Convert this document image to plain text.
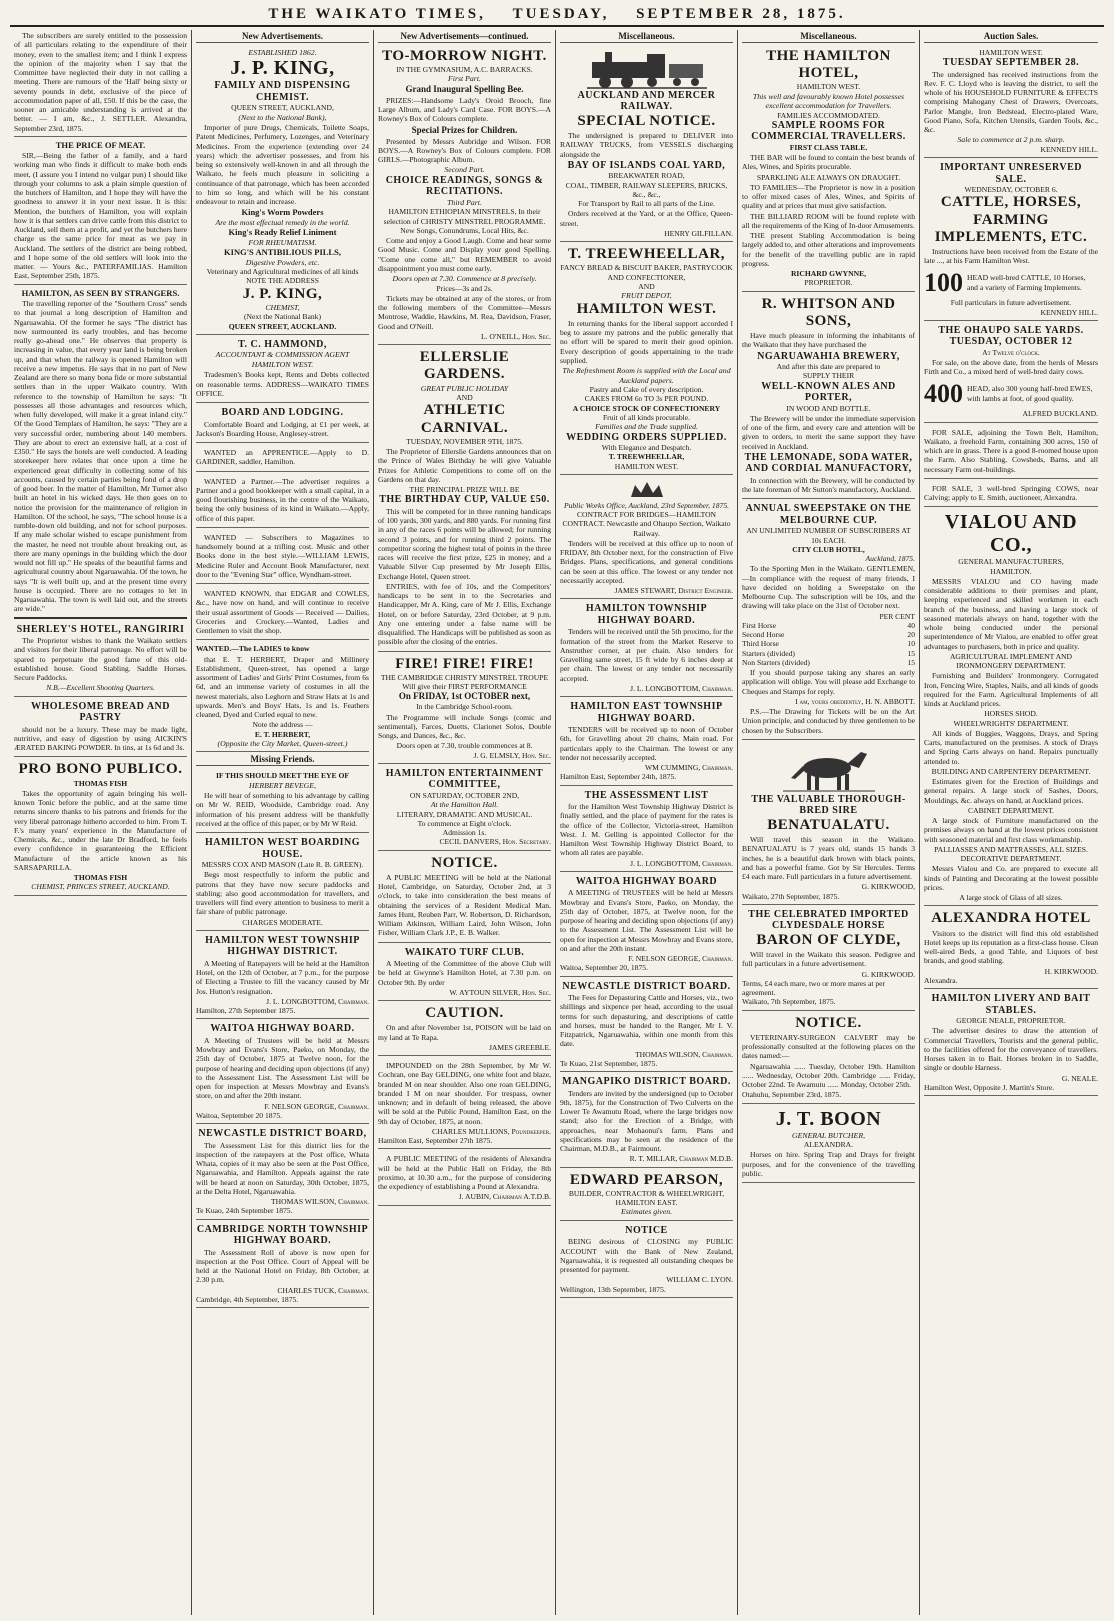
THE WAIKATO TIMES, TUESDAY, SEPTEMBER 28, 1875.

The subscribers are surely entitled to the possession of all particulars relating to the expenditure of their money, even to the smallest item; and I think I express the opinion of the majority when I say that the Committee have neglected their duty in not calling a meeting. There are rumours of the 'Hall' being sixty or seventy pounds in debt, exclusive of the piece of accommodation paper of all, £50. If this be the case, the sooner an amicable understanding is arrived at the better. — I am, &c., J. SETTLER. Alexandra, September 23rd, 1875.

THE PRICE OF MEAT.

SIR,—Being the father of a family, and a hard working man who finds it difficult to make both ends meet, (I assure you I intend no vulgar pun) I should like through your columns to ask a plain simple question of the butchers of Hamilton, and I hope they will have the goodness to answer it in your next issue. It is this: Mention, the butchers of Hamilton, you will explain how it is that settlers can drive cattle from this district to Auckland, sell them at a profit, and yet the butchers here charge us the same price for meat as we pay in Auckland. The settlers of the district are being robbed, and I hope some of the old settlers will look into the matter. — Yours &c., PATERFAMILIAS. Hamilton East, September 25th, 1875.

HAMILTON, AS SEEN BY STRANGERS.

The travelling reporter of the "Southern Cross" sends to that journal a long description of Hamilton and Ngaruawahia. Of the former he says "The district has now surmounted its early troubles, and has become really go-ahead one." He observes that property is increasing in value, that every year land is being broken up, and that when the railway is opened Hamilton will receive a new impetus. He says that in no part of New Zealand are there so many bona fide or more substantial settlers than in the upper Waikato country. With reference to the township of Hamilton he says: "It possesses all those advantages and resources which, when fully developed, will make it a great inland city." Of the Good Templars of Hamilton, he says: "They are a very successful order, numbering about 140 members. They are about to erect an extensive hall, at a cost of £350." He says the hotels are well conducted. A leading storekeeper here relates that once upon a time he experienced great difficulty in collecting some of his accounts, caused by certain parties being fond of a drop of good beer. In the matter of Hamilton, Mr Turner also built an hotel in his wicked days. He then goes on to notice the provision for the maintenance of religion in Hamilton. Of the school, he says, "The school house is a tumble-down old building, and not for school purposes. If any male scholar wished to escape punishment from the master, he need not trouble about breaking out, as there are many openings in the building which the door would not fill up." He speaks of the beautiful farms and agricultural country about Ngaruawahia. Of the town, he says "It is well built up, and at the present time every house is occupied. There are no cottages to let in Ngaruawahia. The town is well laid out, and the streets are wide."

SHERLEY'S HOTEL, RANGIRIRI

The Proprietor wishes to thank the Waikato settlers and visitors for their liberal patronage. No effort will be spared to perpetuate the good fame of this old-established house. Good Stabling. Saddle Horses. Secure Paddocks.

N.B.—Excellent Shooting Quarters.
WHOLESOME BREAD AND PASTRY

should not be a luxury. These may be made light, nutritive, and easy of digestion by using AICKIN'S ÆRATED BAKING POWDER. In tins, at 1s 6d and 3s.

PRO BONO PUBLICO.
THOMAS FISH

Takes the opportunity of again bringing his well-known Tonic before the public, and at the same time returns sincere thanks to his patrons and friends for the very liberal patronage hitherto accorded to him. From T. F.'s many years' experience in the Manufacture of Chemicals, &c., under the late Dr Bradford, he feels every confidence in guaranteeing the Efficient Manufacture of the article known as his SARSAPARILLA.

THOMAS FISH
CHEMIST, PRINCES STREET, AUCKLAND.
New Advertisements.
ESTABLISHED 1862.
J. P. KING,
FAMILY AND DISPENSING CHEMIST.
QUEEN STREET, AUCKLAND,
(Next to the National Bank),

Importer of pure Drugs, Chemicals, Toilette Soaps, Patent Medicines, Perfumery, Lozenges, and Veterinary Medicines. From the experience (extending over 24 years) which the advertiser possesses, and from his being so extensively well-known in and all through the Waikato, he feels much pleasure in soliciting a continuance of that patronage, which has been accorded to him so long, and which will be his constant endeavour to retain and increase.

King's Worm Powders
Are the most effectual remedy in the world.
King's Ready Relief Liniment
FOR RHEUMATISM.
KING'S ANTIBILIOUS PILLS,
Digestive Powders, etc.
Veterinary and Agricultural medicines of all kinds
NOTE THE ADDRESS
J. P. KING,
CHEMIST,
(Next the National Bank)
QUEEN STREET, AUCKLAND.
T. C. HAMMOND,
ACCOUNTANT & COMMISSION AGENT HAMILTON WEST.

Tradesmen's Books kept, Rents and Debts collected on reasonable terms. ADDRESS—WAIKATO TIMES OFFICE.

BOARD AND LODGING.

Comfortable Board and Lodging, at £1 per week, at Jackson's Boarding House, Anglesey-street.

WANTED an APPRENTICE.—Apply to D. GARDINER, saddler, Hamilton.

WANTED a Partner.—The advertiser requires a Partner and a good bookkeeper with a small capital, in a good flourishing business, in the centre of the Waikato, being the only business of its kind in Waikato.—Apply, office of this paper.

WANTED — Subscribers to Magazines to handsomely bound at a trifling cost. Music and other Books done in the best style.—WILLIAM LEWIS, Medicine Ruler and Account Book Manufacturer, next door to the "Evening Star" office, Wyndham-street.

WANTED KNOWN, that EDGAR and COWLES, &c., have now on hand, and will continue to receive their usual assortment of Goods — Received — Dailies, Groceries and Crockery.—Wanted, Ladies and Gentlemen to visit the shop.

WANTED.—The LADIES to know

that E. T. HERBERT, Draper and Millinery Establishment, Queen-street, has opened a large assortment of Ladies' and Girls' Print Costumes, from 6s 6d, and an immense variety of costumes in all the newest materials, also Leghorn and Straw Hats at 1s and upwards. Men's and Boys' Hats, 1s and 1s. Feathers cleaned, Dyed and Curled equal to new.

Note the address —
E. T. HERBERT,
(Opposite the City Market, Queen-street.)
Missing Friends.
IF THIS SHOULD MEET THE EYE OF
HERBERT BEVEGE,

He will hear of something to his advantage by calling on Mr W. REID, Woodside, Cambridge road. Any information of his present address will be thankfully received at the office of this paper, or by Mr W Reid.

HAMILTON WEST BOARDING HOUSE.
MESSRS COX AND MASON (Late R. B. GREEN).

Begs most respectfully to inform the public and patrons that they have now secure paddocks and stabling; also good accommodation for travellers, and travellers will find every attention to business to merit a fair share of public patronage.

CHARGES MODERATE.
HAMILTON WEST TOWNSHIP HIGHWAY DISTRICT.

A Meeting of Ratepayers will be held at the Hamilton Hotel, on the 12th of October, at 7 p.m., for the purpose of Electing a Trustee to fill the vacancy caused by Mr Jos. Hutton's resignation.

J. L. LONGBOTTOM, Chairman.
Hamilton, 27th September 1875.
WAITOA HIGHWAY BOARD.

A Meeting of Trustees will be held at Messrs Mowbray and Evans's Store, Paeko, on Monday, the 25th day of October, 1875 at Twelve noon, for the purpose of hearing and deciding upon objections (if any) to the Assessment List. The Assessment List will be open for inspection at Messrs Mowbray and Evans's store, on and after the 20th instant.

F. NELSON GEORGE, Chairman.
Waitoa, September 20 1875.
NEWCASTLE DISTRICT BOARD,

The Assessment List for this district lies for the inspection of the ratepayers at the Post office, Whata Whata, copies of it may also be seen at the Post Office, Ngaruawahia, and Hamilton. Appeals against the rate will be heard at noon on Saturday, 30th October, 1875, at the Delta Hotel, Ngaruawahia.

THOMAS WILSON, Chairman.
Te Kuao, 24th September 1875.
CAMBRIDGE NORTH TOWNSHIP HIGHWAY BOARD.

The Assessment Roll of above is now open for inspection at the Post Office. Court of Appeal will be held at the National Hotel on Friday, 8th October, at 2.30 p.m.

CHARLES TUCK, Chairman.
Cambridge, 4th September, 1875.
New Advertisements—continued.
TO-MORROW NIGHT.
IN THE GYMNASIUM, A.C. BARRACKS.
First Part.
Grand Inaugural Spelling Bee.

PRIZES:—Handsome Lady's Oroid Brooch, fine Large Album, and Lady's Card Case. FOR BOYS.—A Rowney's Box of Colours complete.

Special Prizes for Children.

Presented by Messrs Aubridge and Wilson. FOR BOYS.—A Rowney's Box of Colours complete. FOR GIRLS.—Photographic Album.

Second Part.
CHOICE READINGS, SONGS & RECITATIONS.
Third Part.
HAMILTON ETHIOPIAN MINSTRELS, In their selection of CHRISTY MINSTREL PROGRAMME. New Songs, Conundrums, Local Hits, &c.

Come and enjoy a Good Laugh. Come and hear some Good Music. Come and Display your good Spelling. "Come one come all," but REMEMBER to avoid disappointment you must come early.

Doors open at 7.30. Commence at 8 precisely.
Prices—3s and 2s.

Tickets may be obtained at any of the stores, or from the following members of the Committee—Messrs Montrose, Waddie, Hawkins, M. Rea, Davidson, Fraser, Good and O'Neill.

L. O'NEILL, Hon. Sec.
ELLERSLIE GARDENS.
GREAT PUBLIC HOLIDAY
AND
ATHLETIC CARNIVAL.
TUESDAY, NOVEMBER 9TH, 1875.

The Proprietor of Ellerslie Gardens announces that on the Prince of Wales Birthday he will give Valuable Prizes for Athletic Competitions to come off on the Gardens on that day.

THE PRINCIPAL PRIZE WILL BE
THE BIRTHDAY CUP, VALUE £50.

This will be competed for in three running handicaps of 100 yards, 300 yards, and 880 yards. For running first in any of the races 6 points will be allowed; for running second 3 points, and for running third 2 points. The competitor scoring the highest total of points in the three races will receive the first prize, £25 in money, and a Valuable Silver Cup presented by Mr Joseph Ellis, Exchange Hotel, Queen street.

ENTRIES, with fee of 10s, and the Competitors' handicaps to be sent in to the Secretaries and Handicapper, Mr A. King, care of Mr J. Ellis, Exchange Hotel, on or before Saturday, 23rd October, at 9 p.m. Any one entering under a false name will be disqualified. The Handicaps will be published as soon as possible after the closing of the entries.

FIRE! FIRE! FIRE!
THE CAMBRIDGE CHRISTY MINSTREL TROUPE
Will give their FIRST PERFORMANCE
On FRIDAY, 1st OCTOBER next,
In the Cambridge School-room.

The Programme will include Songs (comic and sentimental), Farces, Duetts, Clarionet Solos, Double Songs, and Dances, &c., &c.

Doors open at 7.30, trouble commences at 8.
J. G. ELMSLY, Hon. Sec.
HAMILTON ENTERTAINMENT COMMITTEE,
ON SATURDAY, OCTOBER 2ND,
At the Hamilton Hall.
LITERARY, DRAMATIC AND MUSICAL.
To commence at Eight o'clock.
Admission 1s.
CECIL DANVERS, Hon. Secretary.
NOTICE.

A PUBLIC MEETING will be held at the National Hotel, Cambridge, on Saturday, October 2nd, at 3 o'clock, to take into consideration the best means of obtaining the services of a Resident Medical Man. James Hunt, Reuben Parr, W. Robertson, D. Richardson, William Atkinson, William Laird, John Wilson, John Fisher, William Clark J.P., E. B. Walker.

WAIKATO TURF CLUB.

A Meeting of the Committee of the above Club will be held at Gwynne's Hamilton Hotel, at 7.30 p.m. on October 9th. By order

W. AYTOUN SILVER, Hon. Sec.
CAUTION.

On and after November 1st, POISON will be laid on my land at Te Rapa.

JAMES GREEBLE.

IMPOUNDED on the 28th September, by Mr W. Cochran, one Bay GELDING, one white foot and blaze, branded M on near shoulder. Also one roan GELDING, branded I M on near shoulder. For trespass, owner unknown; and in default of being released, the above will be sold at the Public Pound, Hamilton East, on the 9th day of October, 1875, at noon.

CHARLES MULLIONS, Poundkeeper.
Hamilton East, September 27th 1875.

A PUBLIC MEETING of the residents of Alexandra will be held at the Public Hall on Friday, the 8th proximo, at 10.30 a.m., for the purpose of considering the expediency of establishing a Pound at Alexandra.

J. AUBIN, Chairman A.T.D.B.
Miscellaneous.
AUCKLAND AND MERCER RAILWAY.
SPECIAL NOTICE.

The undersigned is prepared to DELIVER into RAILWAY TRUCKS, from VESSELS discharging alongside the

BAY OF ISLANDS COAL YARD,
BREAKWATER ROAD,
COAL, TIMBER, RAILWAY SLEEPERS, BRICKS, &c., &c.,
For Transport by Rail to all parts of the Line.

Orders received at the Yard, or at the Office, Queen-street.

HENRY GILFILLAN.
T. TREEWHEELLAR,
FANCY BREAD & BISCUIT BAKER, PASTRYCOOK AND CONFECTIONER,
AND
FRUIT DEPOT,
HAMILTON WEST.

In returning thanks for the liberal support accorded I beg to assure my patrons and the public generally that no effort will be spared to merit their good opinion. Every description of goods appertaining to the trade supplied.

The Refreshment Room is supplied with the Local and Auckland papers.
Pastry and Cake of every description.
CAKES FROM 6d TO 3s PER POUND.
A CHOICE STOCK OF CONFECTIONERY
Fruit of all kinds procurable.
Families and the Trade supplied.
WEDDING ORDERS SUPPLIED.
With Elegance and Despatch.
T. TREEWHEELLAR,
HAMILTON WEST.
Public Works Office, Auckland, 23rd September, 1875.
CONTRACT FOR BRIDGES—HAMILTON CONTRACT. Newcastle and Ohaupo Section, Waikato Railway.

Tenders will be received at this office up to noon of FRIDAY, 8th October next, for the construction of Five Bridges. Plans, specifications, and general conditions can be seen at this office. The lowest or any tender not necessarily accepted.

JAMES STEWART, District Engineer.
HAMILTON TOWNSHIP HIGHWAY BOARD.

Tenders will be received until the 5th proximo, for the formation of the street from the Market Reserve to Anstruther corner, at per chain. Also tenders for Gravelling same street, 15 ft wide by 6 inches deep at per chain. The lowest or any tender not necessarily accepted.

J. L. LONGBOTTOM, Chairman.
HAMILTON EAST TOWNSHIP HIGHWAY BOARD.

TENDERS will be received up to noon of October 6th, for Gravelling about 20 chains, Main road. For particulars apply to the Chairman. The lowest or any tender not necessarily accepted.

WM CUMMING, Chairman.
Hamilton East, September 24th, 1875.
THE ASSESSMENT LIST

for the Hamilton West Township Highway District is finally settled, and the place of payment for the rates is the office of the Collector, Victoria-street, Hamilton West. J. M. Gelling is appointed Collector for the Hamilton West Township Highway District Board, to whom all rates are payable.

J. L. LONGBOTTOM, Chairman.
WAITOA HIGHWAY BOARD

A MEETING of TRUSTEES will be held at Messrs Mowbray and Evans's Store, Paeko, on Monday, the 25th day of October, 1875, at Twelve noon, for the purpose of hearing and deciding upon objections (if any) to the Assessment List. The Assessment List will be open for inspection at Messrs Mowbray and Evans store, on and after the 20th instant.

F. NELSON GEORGE, Chairman.
Waitoa, September 20, 1875.
NEWCASTLE DISTRICT BOARD.

The Fees for Depasturing Cattle and Horses, viz., two shillings and sixpence per head, according to the usual terms for such depasturing, and descriptions of cattle and horses, must be handed to the Ranger, Mr I. V. Fitzpatrick, Ngaruawahia, within one month from this date.

THOMAS WILSON, Chairman.
Te Kuao, 21st September, 1875.
MANGAPIKO DISTRICT BOARD.

Tenders are invited by the undersigned (up to October 9th, 1875), for the Construction of Two Culverts on the Lower Te Awamutu Road, where the large bridges now stand; also for the Erection of a Bridge, with approaches, near Mohaonui's farm. Plans and specifications may be seen at the residence of the Chairman, M.D.B., at Fairmount.

R. T. MILLAR, Chairman M.D.B.
EDWARD PEARSON,
BUILDER, CONTRACTOR & WHEELWRIGHT,
HAMILTON EAST.
Estimates given.
NOTICE

BEING desirous of CLOSING my PUBLIC ACCOUNT with the Bank of New Zealand, Ngaruawahia, it is requested all outstanding cheques be presented for payment.

WILLIAM C. LYON.
Wellington, 13th September, 1875.
Miscellaneous.
THE HAMILTON HOTEL,
HAMILTON WEST.
This well and favourably known Hotel possesses excellent accommodation for Travellers.
FAMILIES ACCOMMODATED.
SAMPLE ROOMS FOR COMMERCIAL TRAVELLERS.
FIRST CLASS TABLE.

THE BAR will be found to contain the best brands of Ales, Wines, and Spirits procurable.

SPARKLING ALE ALWAYS ON DRAUGHT.

TO FAMILIES—The Proprietor is now in a position to offer mixed cases of Ales, Wines, and Spirits of quality and at prices that must give satisfaction.

THE BILLIARD ROOM will be found replete with all the requirements of the King of In-door Amusements.

THE present Stabling Accommodation is being largely added to, and other alterations and improvements for the benefit of the travelling public are in rapid progress.

RICHARD GWYNNE,
PROPRIETOR.
R. WHITSON AND SONS,

Have much pleasure in informing the inhabitants of the Waikato that they have purchased the

NGARUAWAHIA BREWERY,
And after this date are prepared to
SUPPLY THEIR
WELL-KNOWN ALES AND PORTER,
IN WOOD AND BOTTLE.

The Brewery will be under the immediate supervision of one of the firm, and every care and attention will be given to orders, to merit the same support they have received in Auckland.

THE LEMONADE, SODA WATER, AND CORDIAL MANUFACTORY,

In connection with the Brewery, will be conducted by the late foreman of Mr Sutton's manufactory, Auckland.

ANNUAL SWEEPSTAKE ON THE MELBOURNE CUP.
AN UNLIMITED NUMBER OF SUBSCRIBERS AT 10s EACH.
CITY CLUB HOTEL,
Auckland, 1875.

To the Sporting Men in the Waikato. GENTLEMEN,—In compliance with the request of many friends, I have decided on holding a Sweepstake on the Melbourne Cup. The subscription will be 10s, and the drawing will take place on the 31st of October next.

PER CENT
First Horse	40
Second Horse	20
Third Horse	10
Starters (divided)	15
Non Starters (divided)	15

If you should purpose taking any shares an early application will oblige. You will please add Exchange to Cheques and Stamps for reply.

I am, yours obediently, H. N. ABBOTT.

P.S.—The Drawing for Tickets will be on the Art Union principle, and conducted by three gentlemen to be chosen by the Subscribers.

THE VALUABLE THOROUGH-BRED SIRE
BENATUALATU.

Will travel this season in the Waikato. BENATUALATU is 7 years old, stands 15 hands 3 inches, he is a beautiful dark brown with black points, and has a powerful frame. Got by Sir Hercules. Terms £4 each mare. Full particulars in a future advertisement.

G. KIRKWOOD,
Waikato, 27th September, 1875.
THE CELEBRATED IMPORTED CLYDESDALE HORSE
BARON OF CLYDE,

Will travel in the Waikato this season. Pedigree and full particulars in a future advertisement.

G. KIRKWOOD.
Terms, £4 each mare, two or more mares at per agreement.
Waikato, 7th September, 1875.
NOTICE.

VETERINARY-SURGEON CALVERT may be professionally consulted at the following places on the dates named:—

Ngaruawahia ...... Tuesday, October 19th. Hamilton ...... Wednesday, October 20th. Cambridge ...... Friday, October 22nd. Te Awamutu ...... Monday, October 25th.

Otahuhu, September 23rd, 1875.
J. T. BOON
GENERAL BUTCHER,
ALEXANDRA.

Horses on hire. Spring Trap and Drays for freight purposes, and for the convenience of the travelling public.

Auction Sales.
HAMILTON WEST.
TUESDAY SEPTEMBER 28.

The undersigned has received instructions from the Rev. F. C. Lloyd who is leaving the district, to sell the whole of his HOUSEHOLD FURNITURE & EFFECTS comprising Mahogany Chest of Drawers, Overcoats, Parlor Mangle, Iron Bedstead, Electro-plated Ware, Good Piano, Sofa, Kitchen Utensils, Garden Tools, &c., &c.

Sale to commence at 2 p.m. sharp.
KENNEDY HILL.
IMPORTANT UNRESERVED SALE.
WEDNESDAY, OCTOBER 6.
CATTLE, HORSES, FARMING IMPLEMENTS, ETC.

Instructions have been received from the Estate of the late ..., at his Farm Hamilton West.

100 HEAD well-bred CATTLE, 10 Horses, and a variety of Farming Implements.
Full particulars in future advertisement.
KENNEDY HILL.
THE OHAUPO SALE YARDS.
TUESDAY, OCTOBER 12
At Twelve o'clock.

For sale, on the above date, from the herds of Messrs Firth and Co., a mixed herd of well-bred dairy cows.

400 HEAD, also 300 young half-bred EWES, with lambs at foot, of good quality.
ALFRED BUCKLAND.

FOR SALE, adjoining the Town Belt, Hamilton, Waikato, a freehold Farm, containing 300 acres, 150 of which are in grass. There is a good 8-roomed house upon the Farm. Also Stabling, Cowsheds, Barns, and all necessary Farm out-buildings.

FOR SALE, 3 well-bred Springing COWS, near Calving; apply to E. Smith, auctioneer, Alexandra.

VIALOU AND CO.,
GENERAL MANUFACTURERS,
HAMILTON.

MESSRS VIALOU and CO having made considerable additions to their premises and plant, keeping experienced and skilled workmen in each branch of the business, and having a large stock of seasoned materials always on hand, together with the whole being conducted under the personal superintendence of Mr Vialou, are enabled to offer great advantages to purchasers, both in price and quality.

AGRICULTURAL IMPLEMENT AND IRONMONGERY DEPARTMENT.

Furnishing and Builders' Ironmongery. Corrugated Iron, Fencing Wire, Staples, Nails, and all kinds of goods required for the Farm. Agricultural Implements of all kinds at Auckland prices.

HORSES SHOD.
WHEELWRIGHTS' DEPARTMENT.

All kinds of Buggies, Waggons, Drays, and Spring Carts, manufactured on the premises. A stock of Drays and Spring Carts always on hand. Repairs punctually attended to.

BUILDING AND CARPENTERY DEPARTMENT.

Estimates given for the Erection of Buildings and general repairs. A large stock of Sashes, Doors, Mouldings, &c. always on hand, at Auckland prices.

CABINET DEPARTMENT.

A large stock of Furniture manufactured on the premises always on hand at the lowest prices consistent with seasoned material and first class workmanship.

PALLIASSES AND MATTRASSES, ALL SIZES.
DECORATIVE DEPARTMENT.

Messrs Vialou and Co. are prepared to execute all kinds of Painting and Decorating at the lowest possible prices.

A large stock of Glass of all sizes.
ALEXANDRA HOTEL

Visitors to the district will find this old established Hotel keeps up its reputation as a first-class house. Clean well-aired Beds, a good Table, and Liquors of best brands, and good stabling.

H. KIRKWOOD.
Alexandra.
HAMILTON LIVERY AND BAIT STABLES.
GEORGE NEALE, PROPRIETOR.

The advertiser desires to draw the attention of Commercial Travellers, Tourists and the general public, to the facilities offered for the conveyance of travellers. Horses taken in to Bait. Horses broken in to Saddle, single or double Harness.

G. NEALE.
Hamilton West, Opposite J. Martin's Store.
